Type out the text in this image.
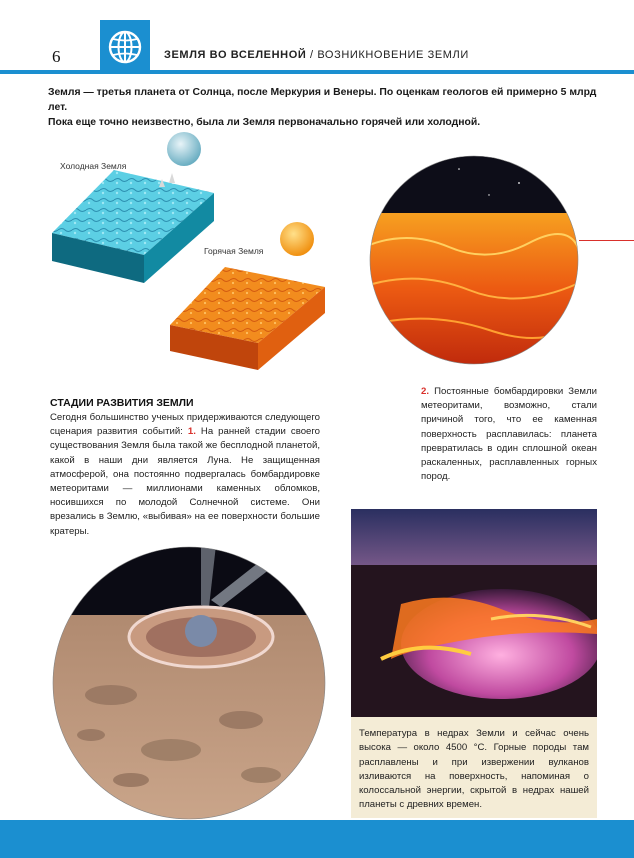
6	ЗЕМЛЯ ВО ВСЕЛЕННОЙ / ВОЗНИКНОВЕНИЕ ЗЕМЛИ
Земля — третья планета от Солнца, после Меркурия и Венеры. По оценкам геологов ей примерно 5 млрд лет.
Пока еще точно неизвестно, была ли Земля первоначально горячей или холодной.
Холодная Земля
Горячая Земля
СТАДИИ РАЗВИТИЯ ЗЕМЛИ
Сегодня большинство ученых придерживаются следующего сценария развития событий: 1. На ранней стадии своего существования Земля была такой же бесплодной планетой, какой в наши дни является Луна. Не защищенная атмосферой, она постоянно подвергалась бомбардировке метеоритами — миллионами каменных обломков, носившихся по молодой Солнечной системе. Они врезались в Землю, «выбивая» на ее поверхности большие кратеры.
2. Постоянные бомбардировки Земли метеоритами, возможно, стали причиной того, что ее каменная поверхность расплавилась: планета превратилась в один сплошной океан раскаленных, расплавленных горных пород.
Температура в недрах Земли и сейчас очень высока — около 4500 °С. Горные породы там расплавлены и при извержении вулканов изливаются на поверхность, напоминая о колоссальной энергии, скрытой в недрах нашей планеты с древних времен.
